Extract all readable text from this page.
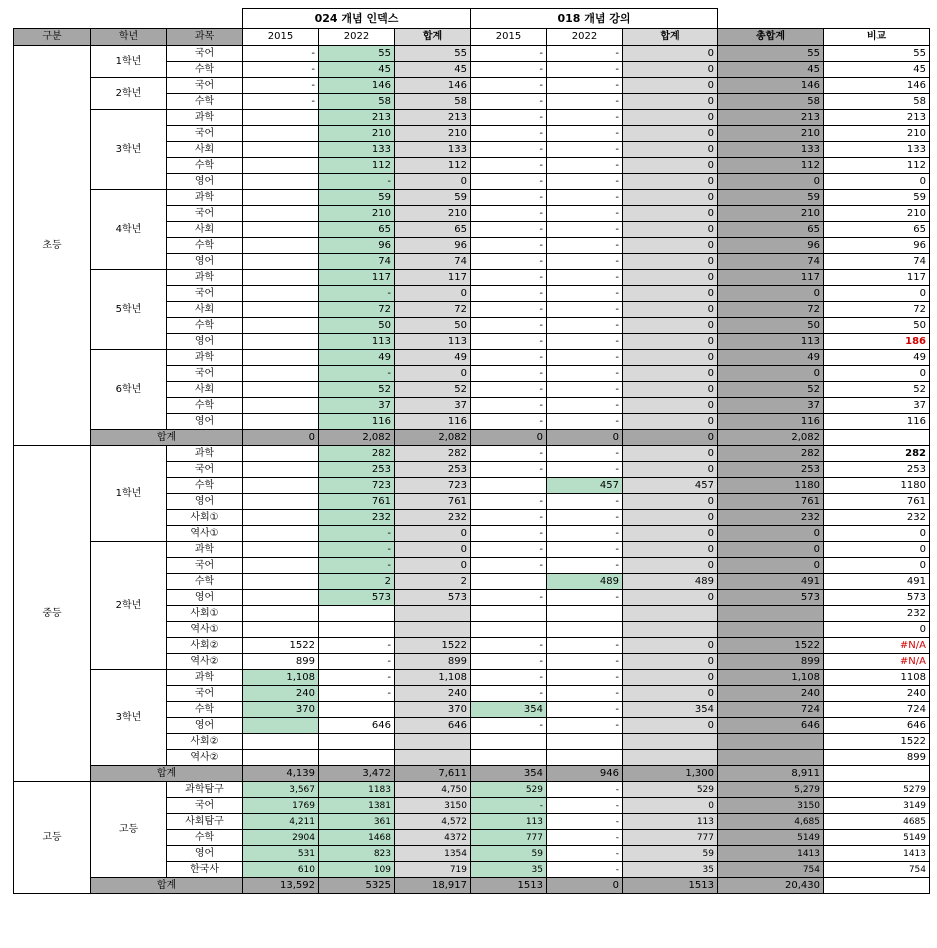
			024 개념 인덱스			018 개념 강의				
구분	학년	과목	2015	2022	합계	2015	2022	합계	총합계	비교
초등	1학년	국어	-	55	55	-	-	0	55	55
		수학	-	45	45	-	-	0	45	45
	2학년	국어	-	146	146	-	-	0	146	146
		수학	-	58	58	-	-	0	58	58
	3학년	과학		213	213	-	-	0	213	213
		국어		210	210	-	-	0	210	210
		사회		133	133	-	-	0	133	133
		수학		112	112	-	-	0	112	112
		영어		-	0	-	-	0	0	0
	4학년	과학		59	59	-	-	0	59	59
		국어		210	210	-	-	0	210	210
		사회		65	65	-	-	0	65	65
		수학		96	96	-	-	0	96	96
		영어		74	74	-	-	0	74	74
	5학년	과학		117	117	-	-	0	117	117
		국어		-	0	-	-	0	0	0
		사회		72	72	-	-	0	72	72
		수학		50	50	-	-	0	50	50
		영어		113	113	-	-	0	113	186
	6학년	과학		49	49	-	-	0	49	49
		국어		-	0	-	-	0	0	0
		사회		52	52	-	-	0	52	52
		수학		37	37	-	-	0	37	37
		영어		116	116	-	-	0	116	116
	합계		0	2,082	2,082	0	0	0	2,082	
중등	1학년	과학		282	282	-	-	0	282	282
		국어		253	253	-	-	0	253	253
		수학		723	723		457	457	1180	1180
		영어		761	761	-	-	0	761	761
		사회①		232	232	-	-	0	232	232
		역사①		-	0	-	-	0	0	0
	2학년	과학		-	0	-	-	0	0	0
		국어		-	0	-	-	0	0	0
		수학		2	2		489	489	491	491
		영어		573	573	-	-	0	573	573
		사회①								232
		역사①								0
		사회②	1522	-	1522	-	-	0	1522	#N/A
		역사②	899	-	899	-	-	0	899	#N/A
	3학년	과학	1,108	-	1,108	-	-	0	1,108	1108
		국어	240	-	240	-	-	0	240	240
		수학	370		370	354	-	354	724	724
		영어		646	646	-	-	0	646	646
		사회②								1522
		역사②								899
	합계		4,139	3,472	7,611	354	946	1,300	8,911	
고등	고등	과학탐구	3,567	1183	4,750	529	-	529	5,279	5279
		국어	1769	1381	3150	-	-	0	3150	3149
		사회탐구	4,211	361	4,572	113	-	113	4,685	4685
		수학	2904	1468	4372	777	-	777	5149	5149
		영어	531	823	1354	59	-	59	1413	1413
		한국사	610	109	719	35	-	35	754	754
	합계		13,592	5325	18,917	1513	0	1513	20,430	
